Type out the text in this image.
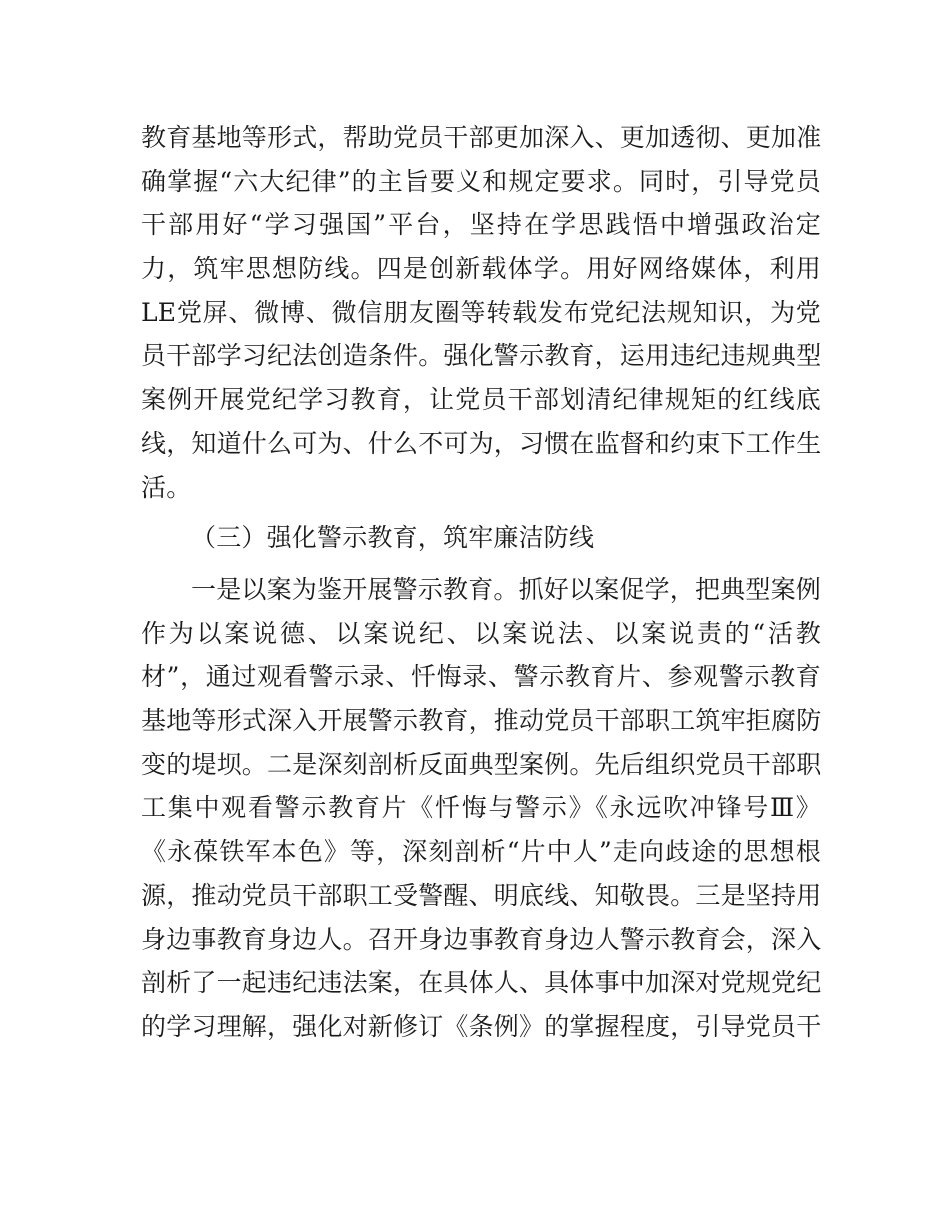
教育基地等形式，帮助党员干部更加深入、更加透彻、更加准
确掌握“六大纪律”的主旨要义和规定要求。同时，引导党员
干部用好“学习强国”平台，坚持在学思践悟中增强政治定
力，筑牢思想防线。四是创新载体学。用好网络媒体，利用
LE党屏、微博、微信朋友圈等转载发布党纪法规知识，为党
员干部学习纪法创造条件。强化警示教育，运用违纪违规典型
案例开展党纪学习教育，让党员干部划清纪律规矩的红线底
线，知道什么可为、什么不可为，习惯在监督和约束下工作生
活。
（三）强化警示教育，筑牢廉洁防线
一是以案为鉴开展警示教育。抓好以案促学，把典型案例
作为以案说德、以案说纪、以案说法、以案说责的“活教
材”，通过观看警示录、忏悔录、警示教育片、参观警示教育
基地等形式深入开展警示教育，推动党员干部职工筑牢拒腐防
变的堤坝。二是深刻剖析反面典型案例。先后组织党员干部职
工集中观看警示教育片《忏悔与警示》《永远吹冲锋号Ⅲ》
《永葆铁军本色》等，深刻剖析“片中人”走向歧途的思想根
源，推动党员干部职工受警醒、明底线、知敬畏。三是坚持用
身边事教育身边人。召开身边事教育身边人警示教育会，深入
剖析了一起违纪违法案，在具体人、具体事中加深对党规党纪
的学习理解，强化对新修订《条例》的掌握程度，引导党员干
